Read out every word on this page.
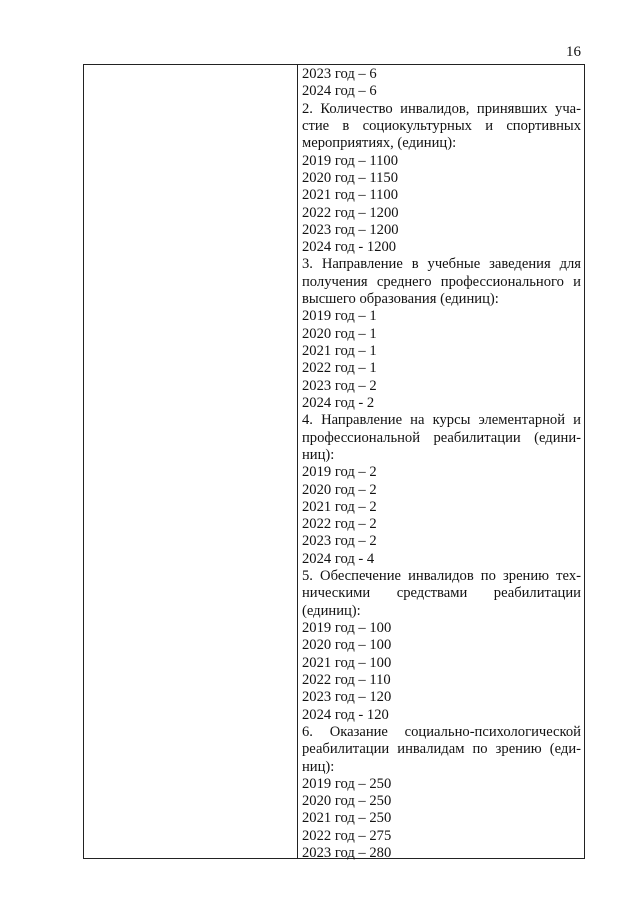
16
2023 год – 6
2024 год – 6
2. Количество инвалидов, принявших уча-
стие в социокультурных и спортивных
мероприятиях, (единиц):
2019 год – 1100
2020 год – 1150
2021 год – 1100
2022 год – 1200
2023 год – 1200
2024 год - 1200
3. Направление в учебные заведения для
получения среднего профессионального и
высшего образования (единиц):
2019 год – 1
2020 год – 1
2021 год – 1
2022 год – 1
2023 год – 2
2024 год - 2
4. Направление на курсы элементарной и
профессиональной реабилитации (едини-
ниц):
2019 год – 2
2020 год – 2
2021 год – 2
2022 год – 2
2023 год – 2
2024 год - 4
5. Обеспечение инвалидов по зрению тех-
ническими средствами реабилитации
(единиц):
2019 год – 100
2020 год – 100
2021 год – 100
2022 год – 110
2023 год – 120
2024 год - 120
6. Оказание социально-психологической
реабилитации инвалидам по зрению (еди-
ниц):
2019 год – 250
2020 год – 250
2021 год – 250
2022 год – 275
2023 год – 280
